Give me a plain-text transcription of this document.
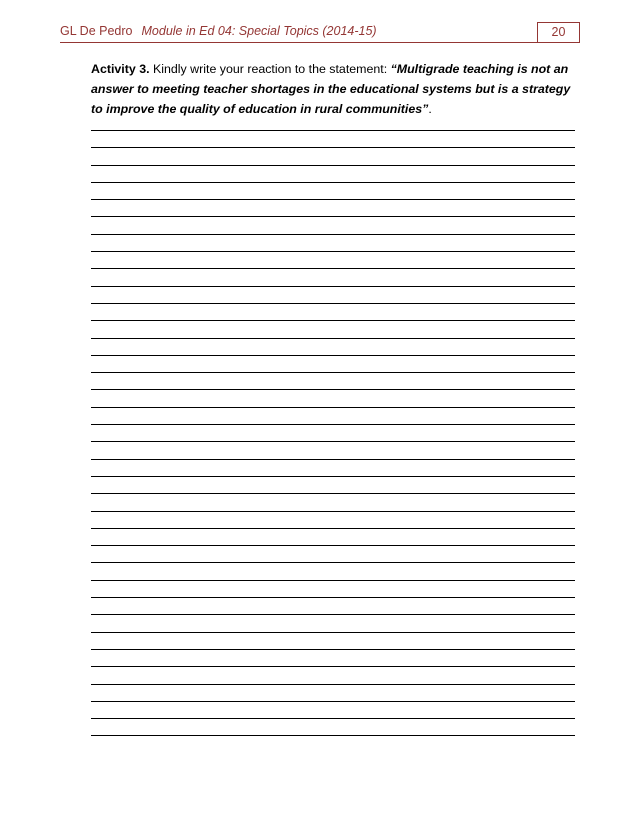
GL De Pedro Module in Ed 04: Special Topics (2014-15)	20
Activity 3. Kindly write your reaction to the statement: “Multigrade teaching is not an answer to meeting teacher shortages in the educational systems but is a strategy to improve the quality of education in rural communities”.
